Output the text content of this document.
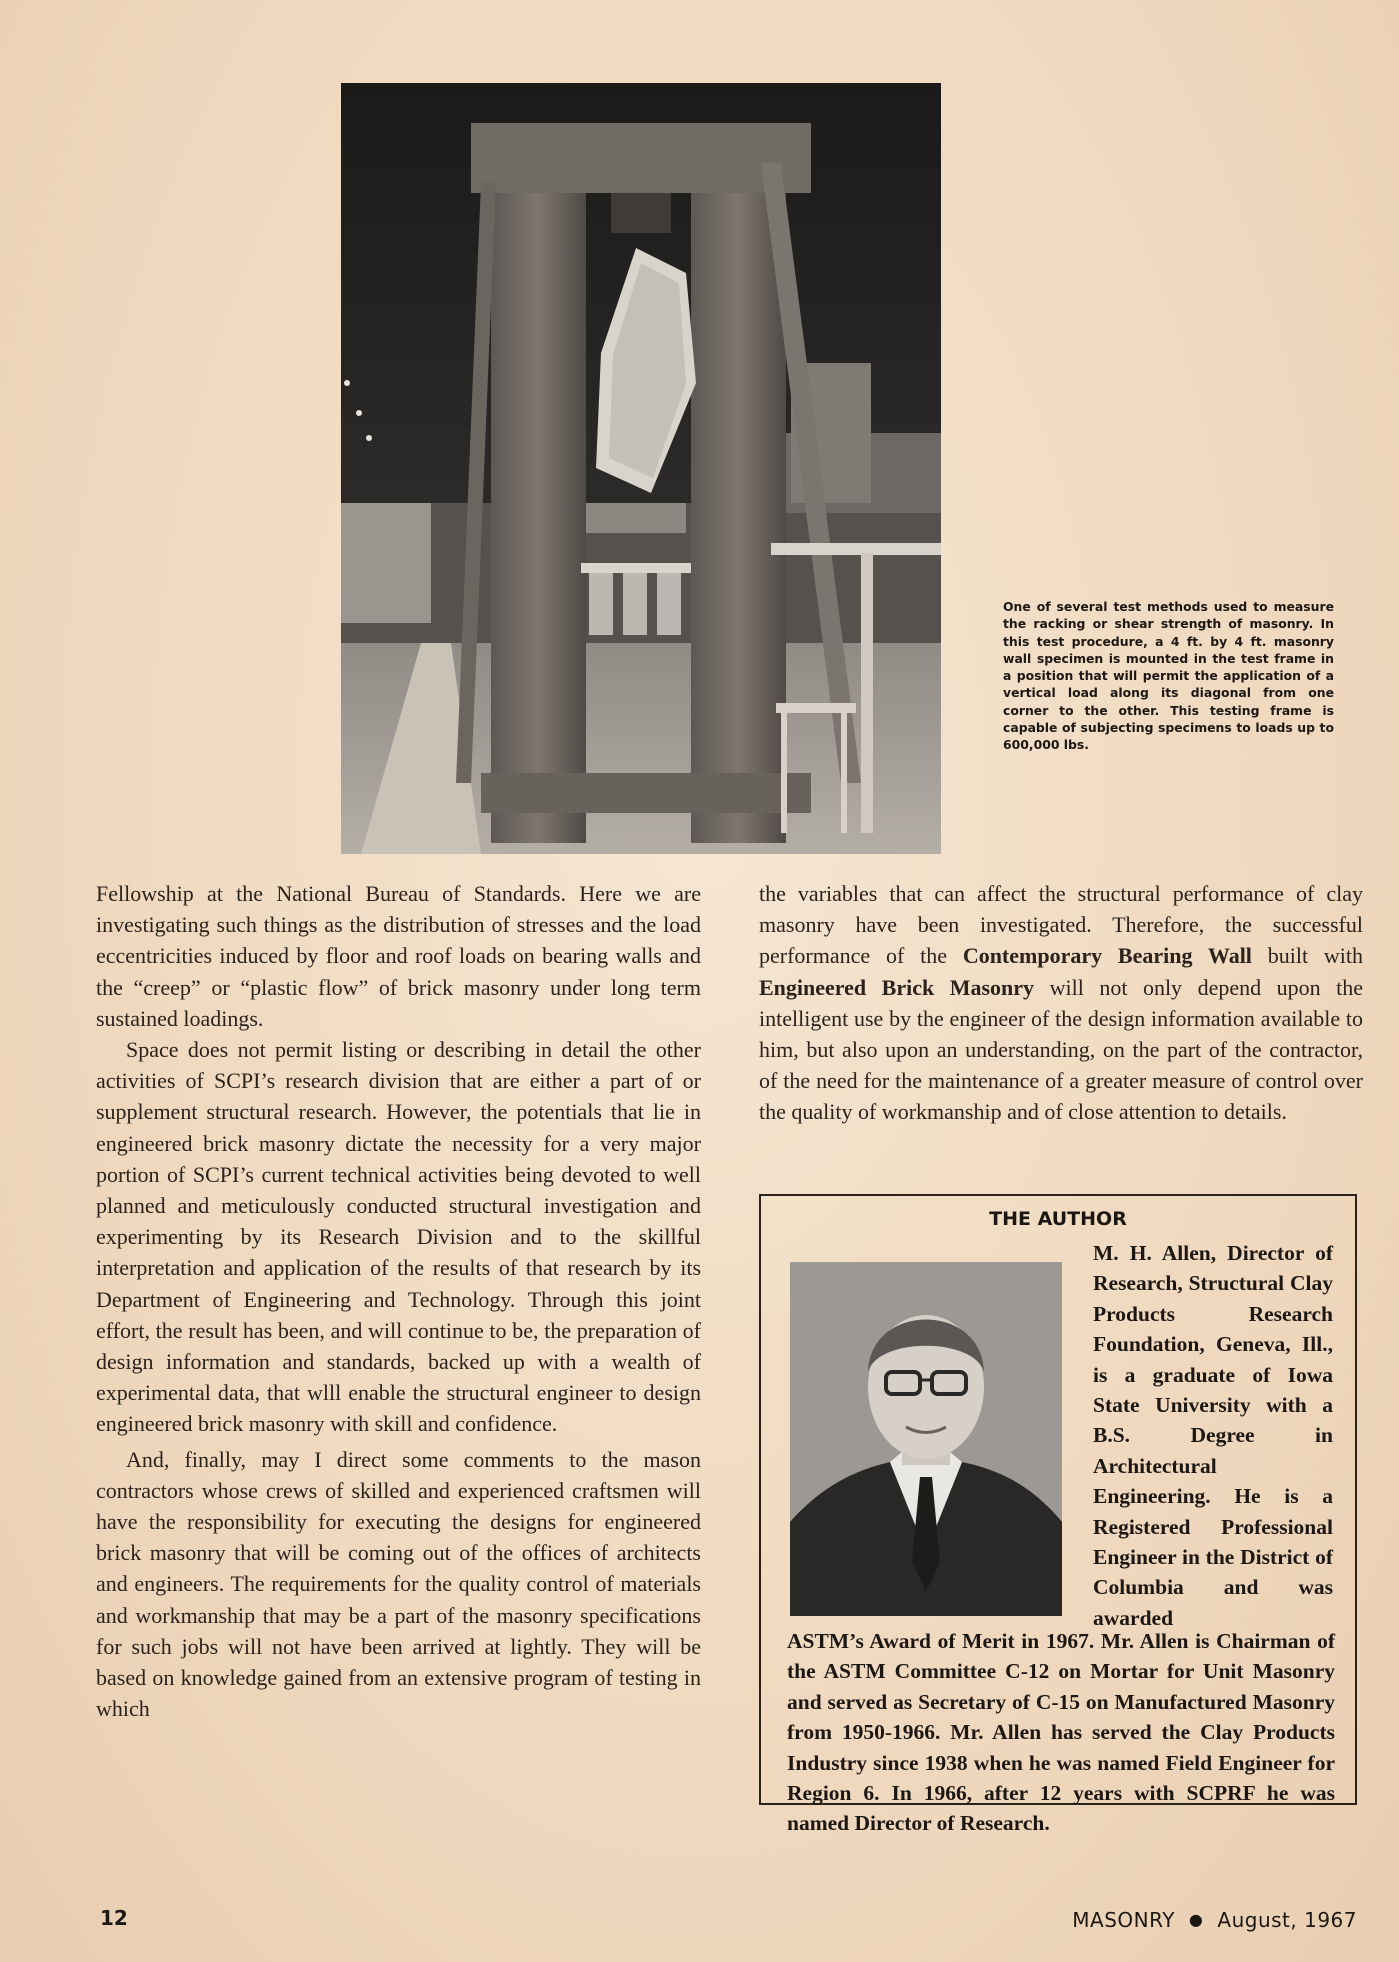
One of several test methods used to measure the racking or shear strength of masonry. In this test procedure, a 4 ft. by 4 ft. masonry wall specimen is mounted in the test frame in a position that will permit the application of a vertical load along its diagonal from one corner to the other. This testing frame is capable of subjecting specimens to loads up to 600,000 lbs.

Fellowship at the National Bureau of Standards. Here we are investigating such things as the distribution of stresses and the load eccentricities induced by floor and roof loads on bearing walls and the “creep” or “plastic flow” of brick masonry under long term sustained loadings.

Space does not permit listing or describing in detail the other activities of SCPI’s research division that are either a part of or supplement structural research. However, the potentials that lie in engineered brick masonry dictate the necessity for a very major portion of SCPI’s current technical activities being devoted to well planned and meticulously conducted structural investigation and experimenting by its Research Division and to the skillful interpretation and application of the results of that research by its Department of Engineering and Technology. Through this joint effort, the result has been, and will continue to be, the preparation of design information and standards, backed up with a wealth of experimental data, that wlll enable the structural engineer to design engineered brick masonry with skill and confidence.

And, finally, may I direct some comments to the mason contractors whose crews of skilled and experienced craftsmen will have the responsibility for executing the designs for engineered brick masonry that will be coming out of the offices of architects and engineers. The requirements for the quality control of materials and workmanship that may be a part of the masonry specifications for such jobs will not have been arrived at lightly. They will be based on knowledge gained from an extensive program of testing in which

the variables that can affect the structural performance of clay masonry have been investigated. Therefore, the successful performance of the Contemporary Bearing Wall built with Engineered Brick Masonry will not only depend upon the intelligent use by the engineer of the design information available to him, but also upon an understanding, on the part of the contractor, of the need for the maintenance of a greater measure of control over the quality of workmanship and of close attention to details.

THE AUTHOR
M. H. Allen, Director of Research, Structural Clay Products Research Foundation, Geneva, Ill., is a graduate of Iowa State University with a B.S. Degree in Architectural Engineering. He is a Registered Professional Engineer in the District of Columbia and was awarded
ASTM’s Award of Merit in 1967. Mr. Allen is Chairman of the ASTM Committee C-12 on Mortar for Unit Masonry and served as Secretary of C-15 on Manufactured Masonry from 1950-1966. Mr. Allen has served the Clay Products Industry since 1938 when he was named Field Engineer for Region 6. In 1966, after 12 years with SCPRF he was named Director of Research.
12	MASONRY ● August, 1967
